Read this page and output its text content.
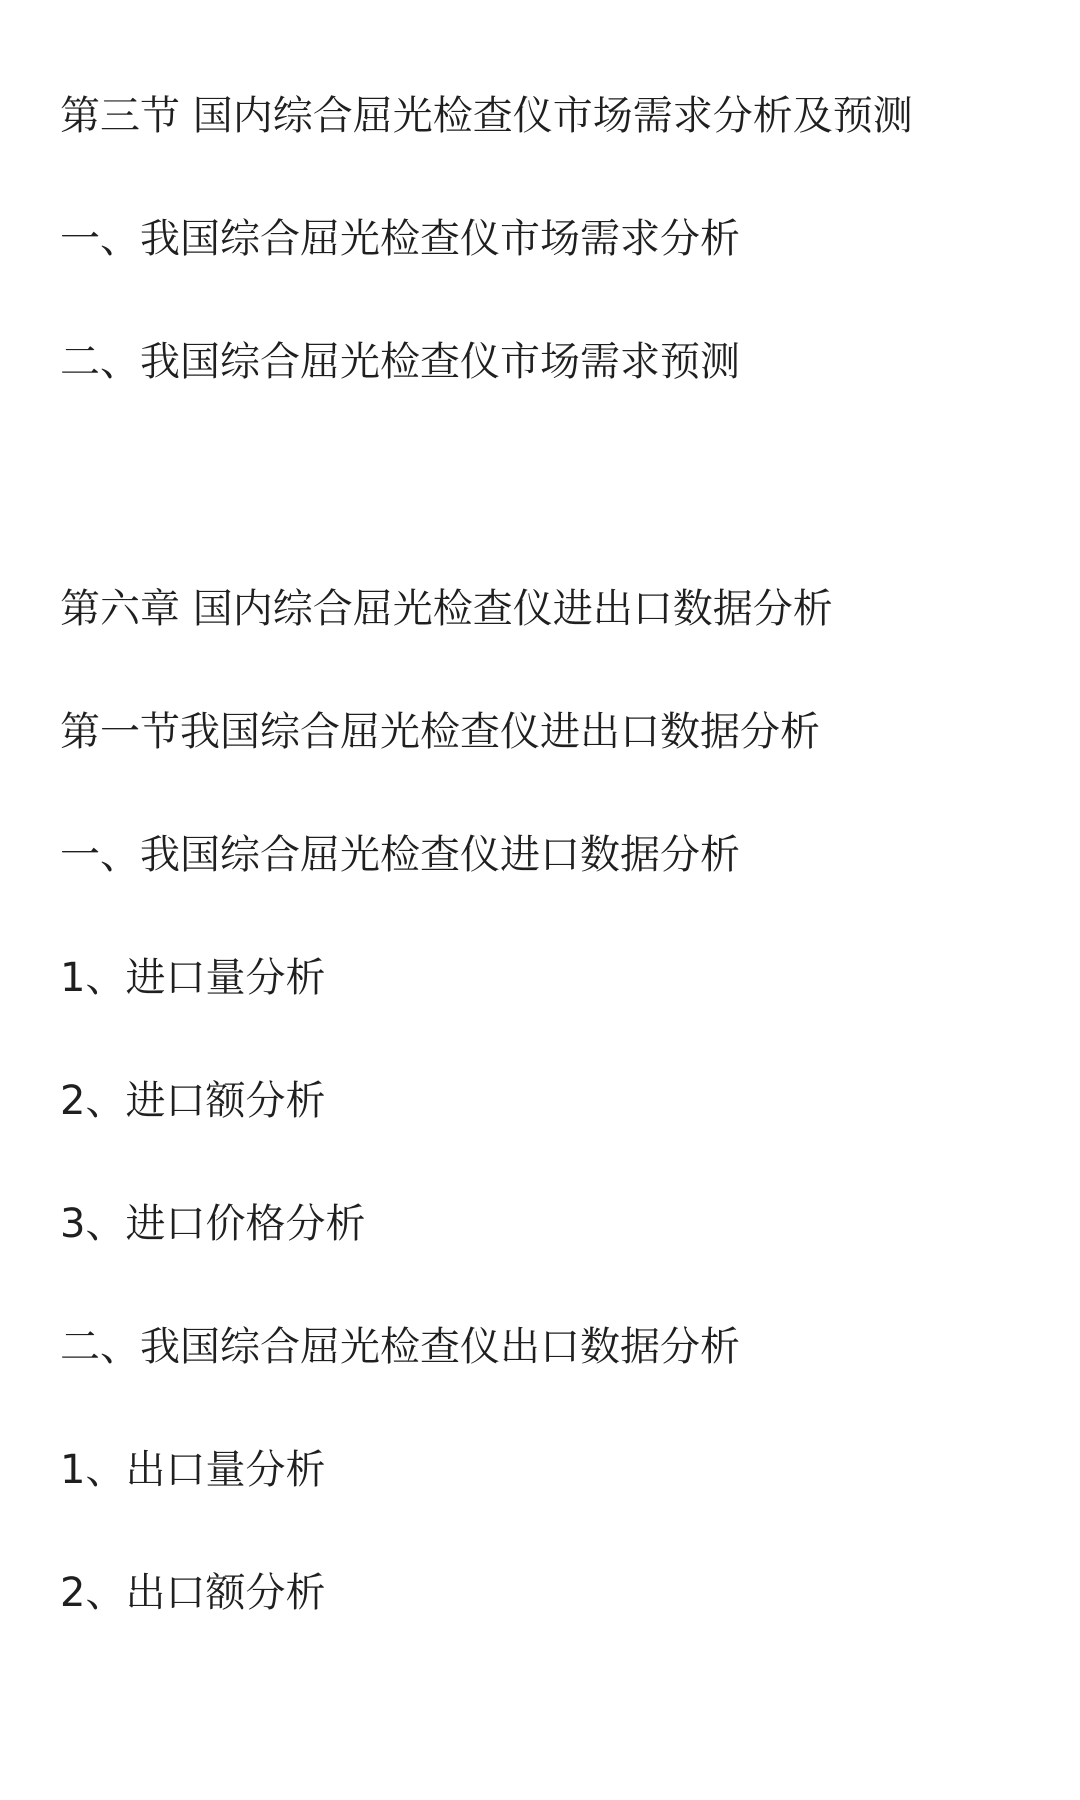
第三节 国内综合屈光检查仪市场需求分析及预测

一、我国综合屈光检查仪市场需求分析

二、我国综合屈光检查仪市场需求预测

第六章 国内综合屈光检查仪进出口数据分析
第一节我国综合屈光检查仪进出口数据分析

一、我国综合屈光检查仪进口数据分析

1、进口量分析

2、进口额分析

3、进口价格分析

二、我国综合屈光检查仪出口数据分析

1、出口量分析

2、出口额分析
